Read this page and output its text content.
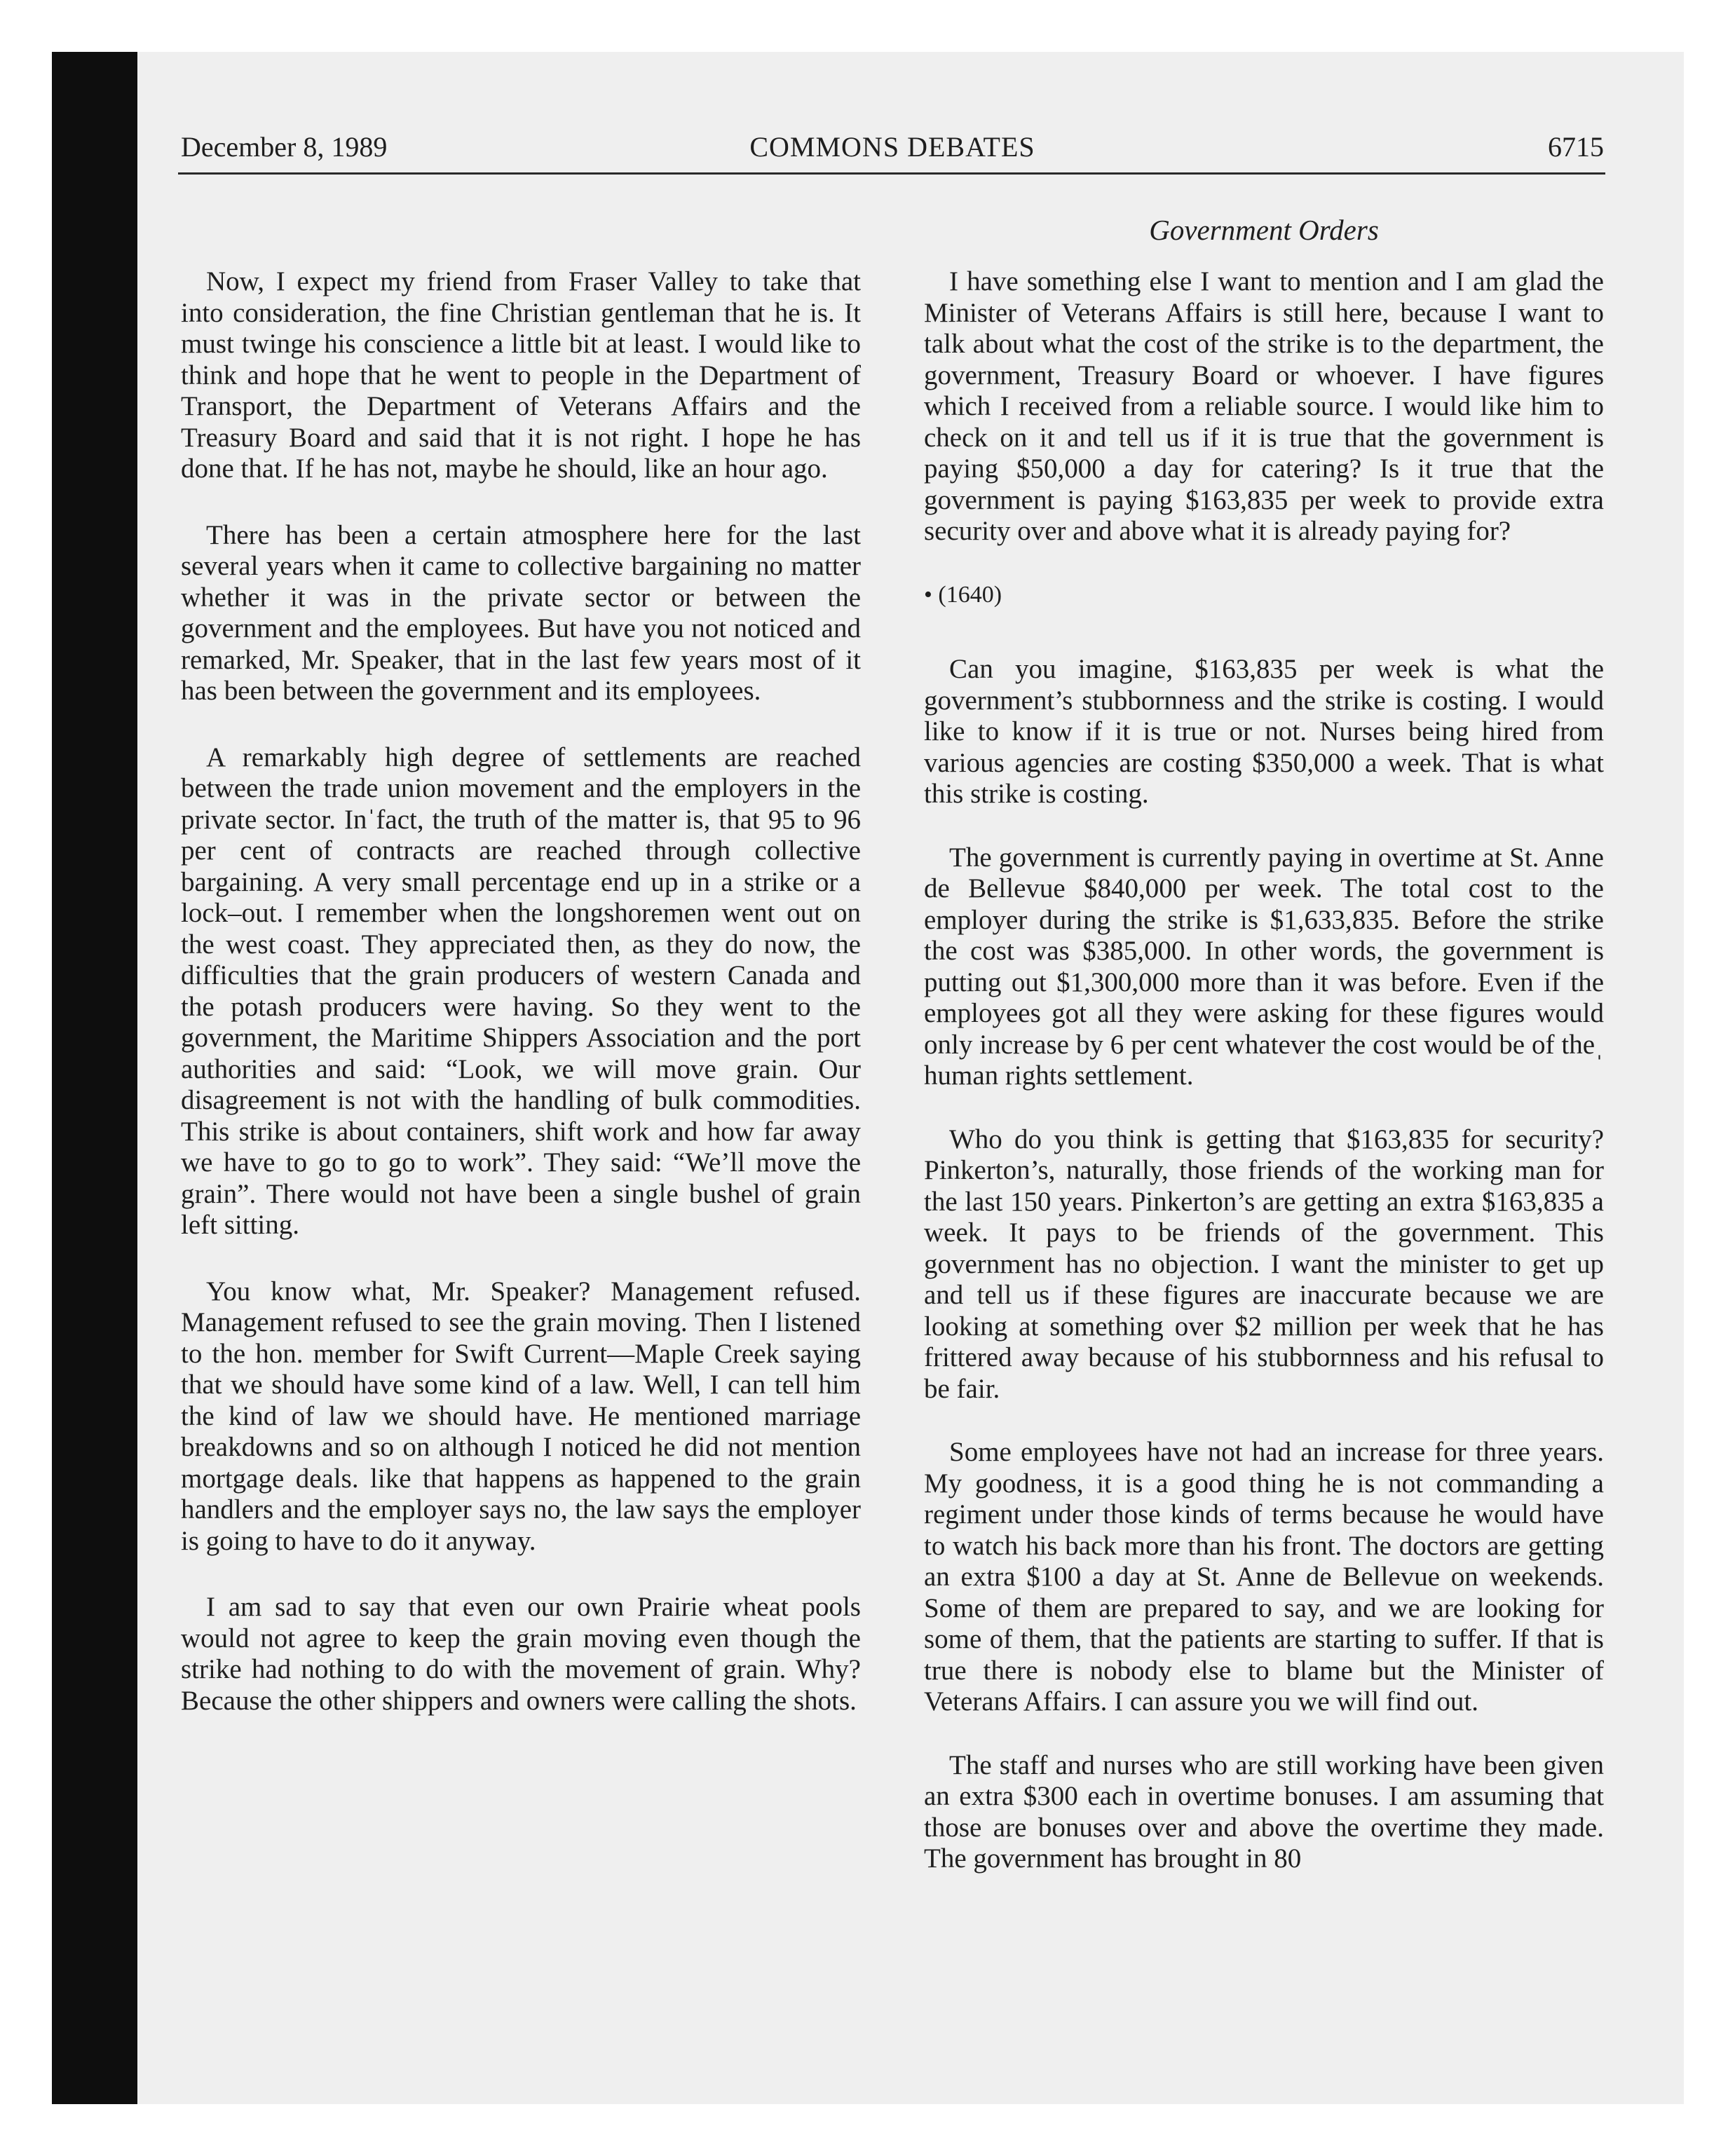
December 8, 1989	COMMONS DEBATES	6715
Government Orders

Now, I expect my friend from Fraser Valley to take that into consideration, the fine Christian gentleman that he is. It must twinge his conscience a little bit at least. I would like to think and hope that he went to people in the Department of Transport, the Department of Veterans Affairs and the Treasury Board and said that it is not right. I hope he has done that. If he has not, maybe he should, like an hour ago.

There has been a certain atmosphere here for the last several years when it came to collective bargaining no matter whether it was in the private sector or between the government and the employees. But have you not noticed and remarked, Mr. Speaker, that in the last few years most of it has been between the government and its employees.

A remarkably high degree of settlements are reached between the trade union movement and the employers in the private sector. Inˈfact, the truth of the matter is, that 95 to 96 per cent of contracts are reached through collective bargaining. A very small percentage end up in a strike or a lock–out. I remember when the longshoremen went out on the west coast. They appreciated then, as they do now, the difficulties that the grain producers of western Canada and the potash producers were having. So they went to the government, the Maritime Shippers Association and the port authorities and said: “Look, we will move grain. Our disagreement is not with the handling of bulk commodities. This strike is about containers, shift work and how far away we have to go to go to work”. They said: “We’ll move the grain”. There would not have been a single bushel of grain left sitting.

You know what, Mr. Speaker? Management refused. Management refused to see the grain moving. Then I listened to the hon. member for Swift Current—Maple Creek saying that we should have some kind of a law. Well, I can tell him the kind of law we should have. He mentioned marriage breakdowns and so on although I noticed he did not mention mortgage deals. like that happens as happened to the grain handlers and the employer says no, the law says the employer is going to have to do it anyway.

I am sad to say that even our own Prairie wheat pools would not agree to keep the grain moving even though the strike had nothing to do with the movement of grain. Why? Because the other shippers and owners were calling the shots.

I have something else I want to mention and I am glad the Minister of Veterans Affairs is still here, because I want to talk about what the cost of the strike is to the department, the government, Treasury Board or whoever. I have figures which I received from a reliable source. I would like him to check on it and tell us if it is true that the government is paying $50,000 a day for catering? Is it true that the government is paying $163,835 per week to provide extra security over and above what it is already paying for?

• (1640)

Can you imagine, $163,835 per week is what the government’s stubbornness and the strike is costing. I would like to know if it is true or not. Nurses being hired from various agencies are costing $350,000 a week. That is what this strike is costing.

The government is currently paying in overtime at St. Anne de Bellevue $840,000 per week. The total cost to the employer during the strike is $1,633,835. Before the strike the cost was $385,000. In other words, the government is putting out $1,300,000 more than it was before. Even if the employees got all they were asking for these figures would only increase by 6 per cent whatever the cost would be of theˌ human rights settlement.

Who do you think is getting that $163,835 for security? Pinkerton’s, naturally, those friends of the working man for the last 150 years. Pinkerton’s are getting an extra $163,835 a week. It pays to be friends of the government. This government has no objection. I want the minister to get up and tell us if these figures are inaccurate because we are looking at something over $2 million per week that he has frittered away because of his stubbornness and his refusal to be fair.

Some employees have not had an increase for three years. My goodness, it is a good thing he is not commanding a regiment under those kinds of terms because he would have to watch his back more than his front. The doctors are getting an extra $100 a day at St. Anne de Bellevue on weekends. Some of them are prepared to say, and we are looking for some of them, that the patients are starting to suffer. If that is true there is nobody else to blame but the Minister of Veterans Affairs. I can assure you we will find out.

The staff and nurses who are still working have been given an extra $300 each in overtime bonuses. I am assuming that those are bonuses over and above the overtime they made. The government has brought in 80
